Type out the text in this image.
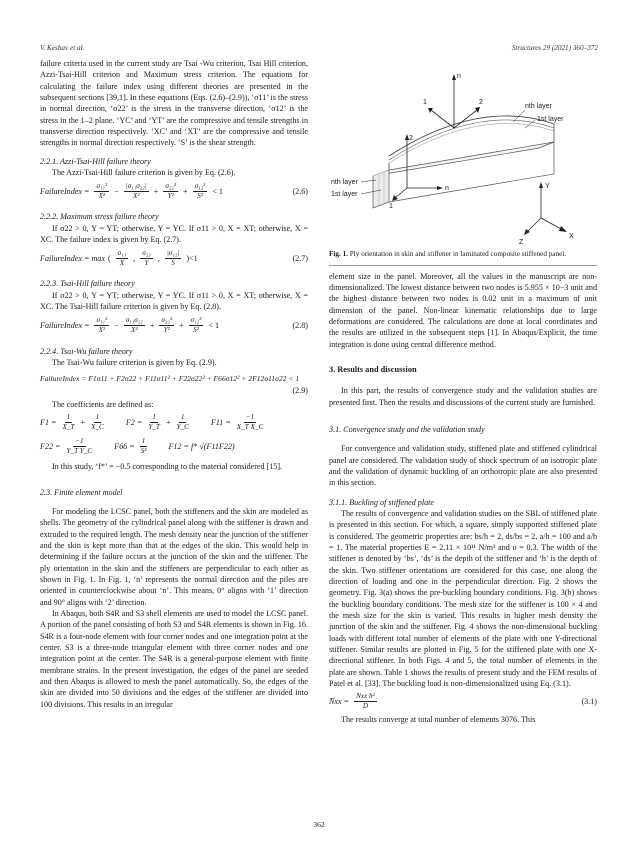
V. Keshav et al.	Structures 29 (2021) 360–372

failure criteria used in the current study are Tsai -Wu criterion, Tsai Hill criterion, Azzi-Tsai-Hill criterion and Maximum stress criterion. The equations for calculating the failure index using different theories are presented in the subsequent sections [39,1]. In these equations (Eqs. (2.6)–(2.9)), ‘σ11’ is the stress in normal direction, ‘σ22’ is the stress in the transverse direction, ‘σ12’ is the stress in the 1–2 plane. ‘YC’ and ‘YT’ are the compressive and tensile strengths in transverse direction respectively. ‘XC’ and ‘XT’ are the compressive and tensile strengths in normal direction respectively. ‘S’ is the shear strength.

2.2.1. Azzi-Tsai-Hill failure theory

The Azzi-Tsai-Hill failure criterion is given by Eq. (2.6).

FailureIndex = $\frac{\text{σ₁₁²}}{\text{X²}} - \frac{\text{|σ₁₁σ₂₂|}}{\text{X²}} + \frac{\text{σ₂₂²}}{\text{Y²}} + \frac{\text{σ₁₂²}}{\text{S²}} < 1$	(2.6)
2.2.2. Maximum stress failure theory

If σ22 > 0, Y = YT; otherwise, Y = YC. If σ11 > 0, X = XT; otherwise, X = XC. The failure index is given by Eq. (2.7).

FailureIndex = max ( $\frac{\text{σ₁₁}}{X}$ , $\frac{\text{σ₂₂}}{Y}$ , $\frac{\text{|σ₁₂|}}{S} )<1$	(2.7)
2.2.3. Tsai-Hill failure theory

If σ22 > 0, Y = YT; otherwise, Y = YC. If σ11 > 0, X = XT; otherwise, X = XC. The Tsai-Hill failure criterion is given by Eq. (2.8).

FailureIndex = $\frac{\text{σ₁₁²}}{\text{X²}} - \frac{\text{σ₁₁σ₂₂}}{\text{X²}} + \frac{\text{σ₂₂²}}{\text{Y²}} + \frac{\text{σ₁₂²}}{\text{S²}} < 1$	(2.8)
2.2.4. Tsai-Wu failure theory

The Tsai-Wu failure criterion is given by Eq. (2.9).

FailureIndex = F1σ11 + F2σ22 + F11σ11² + F22σ22² + F66σ12² + 2F12σ11σ22 < 1
(2.9)

The coefficients are defined as:

$F1 = \frac{1}{X\_T} + \frac{1}{X\_C} F2 = \frac{1}{Y\_T} + \frac{1}{Y\_C} F11 = \frac{-1}{\text{X\_T X\_C}}$
$F22 = \frac{-1}{\text{Y\_T Y\_C}} F66 = \frac{1}{\text{S²}} F12 = f*$ √(F11F22)

In this study, ‘f*’ = −0.5 corresponding to the material considered [15].

2.3. Finite element model

For modeling the LCSC panel, both the stiffeners and the skin are modeled as shells. The geometry of the cylindrical panel along with the stiffener is drawn and extruded to the required length. The mesh density near the junction of the stiffener and the skin is kept more than that at the edges of the skin. This would help in determining if the failure occurs at the junction of the skin and the stiffener. The ply orientation in the skin and the stiffeners are perpendicular to each other as shown in Fig. 1. In Fig. 1, ‘n’ represents the normal direction and the piles are oriented in counterclockwise about ‘n’. This means, 0° aligns with ‘1’ direction and 90° aligns with ‘2’ direction.

In Abaqus, both S4R and S3 shell elements are used to model the LCSC panel. A portion of the panel consisting of both S3 and S4R elements is shown in Fig. 16. S4R is a four-node element with four corner nodes and one integration point at the center. S3 is a three-node triangular element with three corner nodes and one integration point at the center. The S4R is a general-purpose element with finite membrane strains. In the present investigation, the edges of the panel are seeded and then Abaqus is allowed to mesh the panel automatically. So, the edges of the skin are divided into 50 divisions and the edges of the stiffener are divided into 100 divisions. This results in an irregular

n
1	2
nth layer
1st layer
n
2
1
nth layer
1st layer
Y
X
Z
Fig. 1. Ply orientation in skin and stiffener in laminated composite stiffened panel.

element size in the panel. Moreover, all the values in the manuscript are non-dimensionalized. The lowest distance between two nodes is 5.955 × 10−3 unit and the highest distance between two nodes is 0.02 unit in a maximum of unit dimension of the panel. Non-linear kinematic relationships due to large deformations are considered. The calculations are done at local coordinates and the results are utilized in the subsequent steps [1]. In Abaqus/Explicit, the time integration is done using central difference method.

3. Results and discussion

In this part, the results of convergence study and the validation studies are presented first. Then the results and discussions of the current study are furnished.

3.1. Convergence study and the validation study

For convergence and validation study, stiffened plate and stiffened cylindrical panel are considered. The validation study of shock spectrum of an isotropic plate and the validation of dynamic buckling of an orthotropic plate are also presented in this section.

3.1.1. Buckling of stiffened plate

The results of convergence and validation studies on the SBL of stiffened plate is presented in this section. For which, a square, simply supported stiffened plate is considered. The geometric properties are: bs/h = 2, ds/bs = 2, a/h = 100 and a/b = 1. The material properties E = 2.11 × 10¹¹ N/m² and υ = 0.3. The width of the stiffener is denoted by ‘bs’, ‘ds’ is the depth of the stiffener and ‘h’ is the depth of the skin. Two stiffener orientations are considered for this case, one along the direction of loading and one in the perpendicular direction. Fig. 2 shows the geometry. Fig. 3(a) shows the pre-buckling boundary conditions. Fig. 3(b) shows the buckling boundary conditions. The mesh size for the stiffener is 100 × 4 and the mesh size for the skin is varied. This results in higher mesh density the junction of the skin and the stiffener. Fig. 4 shows the non-dimensional buckling loads with different total number of elements of the plate with one Y-directional stiffener. Similar results are plotted in Fig. 5 for the stiffened plate with one X-directional stiffener. In both Figs. 4 and 5, the total number of elements in the plate are shown. Table 1 shows the results of present study and the FEM results of Patel et al. [33]. The buckling load is non-dimensionalized using Eq. (3.1).

N̄xx = $\frac{\text{Nxx b²}}{D}$	(3.1)

The results converge at total number of elements 3076. This

362
